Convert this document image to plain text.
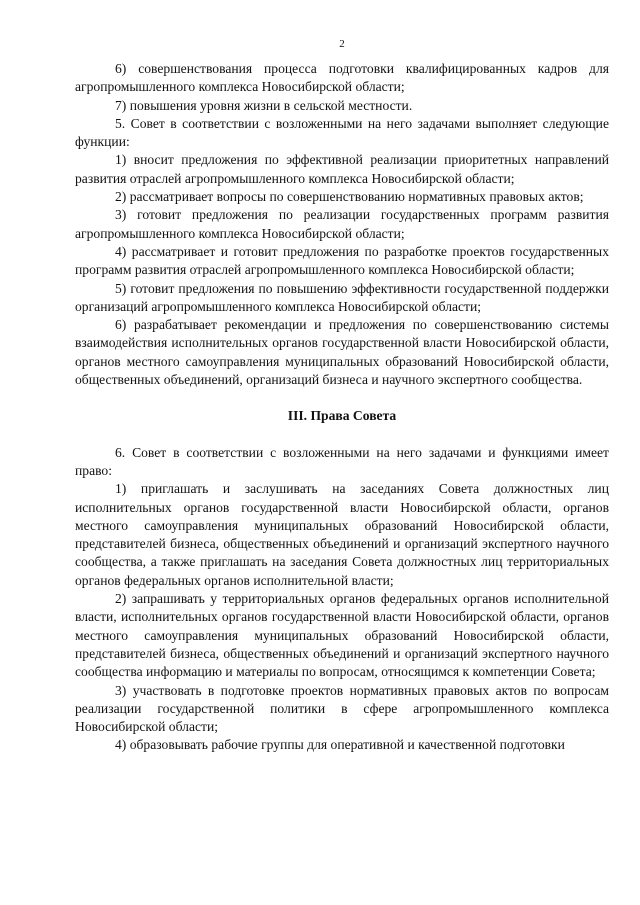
2

6) совершенствования процесса подготовки квалифицированных кадров для агропромышленного комплекса Новосибирской области;

7) повышения уровня жизни в сельской местности.

5. Совет в соответствии с возложенными на него задачами выполняет следующие функции:

1) вносит предложения по эффективной реализации приоритетных направлений развития отраслей агропромышленного комплекса Новосибирской области;

2) рассматривает вопросы по совершенствованию нормативных правовых актов;

3) готовит предложения по реализации государственных программ развития агропромышленного комплекса Новосибирской области;

4) рассматривает и готовит предложения по разработке проектов государственных программ развития отраслей агропромышленного комплекса Новосибирской области;

5) готовит предложения по повышению эффективности государственной поддержки организаций агропромышленного комплекса Новосибирской области;

6) разрабатывает рекомендации и предложения по совершенствованию системы взаимодействия исполнительных органов государственной власти Новосибирской области, органов местного самоуправления муниципальных образований Новосибирской области, общественных объединений, организаций бизнеса и научного экспертного сообщества.

III. Права Совета

6. Совет в соответствии с возложенными на него задачами и функциями имеет право:

1) приглашать и заслушивать на заседаниях Совета должностных лиц исполнительных органов государственной власти Новосибирской области, органов местного самоуправления муниципальных образований Новосибирской области, представителей бизнеса, общественных объединений и организаций экспертного научного сообщества, а также приглашать на заседания Совета должностных лиц территориальных органов федеральных органов исполнительной власти;

2) запрашивать у территориальных органов федеральных органов исполнительной власти, исполнительных органов государственной власти Новосибирской области, органов местного самоуправления муниципальных образований Новосибирской области, представителей бизнеса, общественных объединений и организаций экспертного научного сообщества информацию и материалы по вопросам, относящимся к компетенции Совета;

3) участвовать в подготовке проектов нормативных правовых актов по вопросам реализации государственной политики в сфере агропромышленного комплекса Новосибирской области;

4) образовывать рабочие группы для оперативной и качественной подготовки
